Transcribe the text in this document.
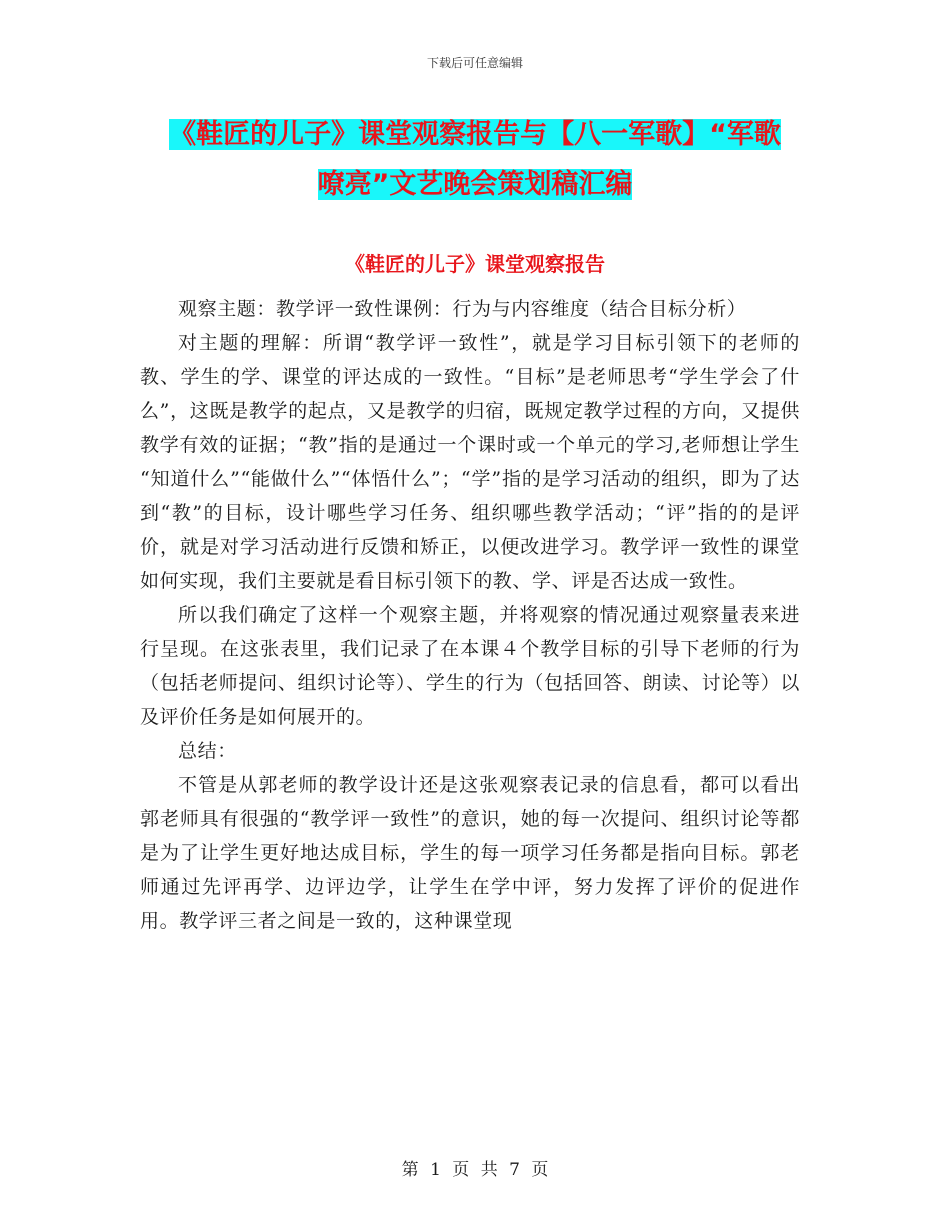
下载后可任意编辑
《鞋匠的儿子》课堂观察报告与【八一军歌】“军歌
嘹亮”文艺晚会策划稿汇编
《鞋匠的儿子》课堂观察报告

观察主题：教学评一致性课例：行为与内容维度（结合目标分析）

对主题的理解：所谓“教学评一致性”，就是学习目标引领下的老师的教、学生的学、课堂的评达成的一致性。“目标”是老师思考“学生学会了什么”，这既是教学的起点，又是教学的归宿，既规定教学过程的方向，又提供教学有效的证据；“教”指的是通过一个课时或一个单元的学习,老师想让学生 “知道什么”“能做什么”“体悟什么”；“学”指的是学习活动的组织，即为了达到“教”的目标，设计哪些学习任务、组织哪些教学活动；“评”指的的是评价，就是对学习活动进行反馈和矫正，以便改进学习。教学评一致性的课堂如何实现，我们主要就是看目标引领下的教、学、评是否达成一致性。

所以我们确定了这样一个观察主题，并将观察的情况通过观察量表来进行呈现。在这张表里，我们记录了在本课４个教学目标的引导下老师的行为（包括老师提问、组织讨论等）、学生的行为（包括回答、朗读、讨论等）以及评价任务是如何展开的。

总结：

不管是从郭老师的教学设计还是这张观察表记录的信息看，都可以看出郭老师具有很强的“教学评一致性”的意识，她的每一次提问、组织讨论等都是为了让学生更好地达成目标，学生的每一项学习任务都是指向目标。郭老师通过先评再学、边评边学，让学生在学中评，努力发挥了评价的促进作用。教学评三者之间是一致的，这种课堂现

第 1 页 共 7 页
